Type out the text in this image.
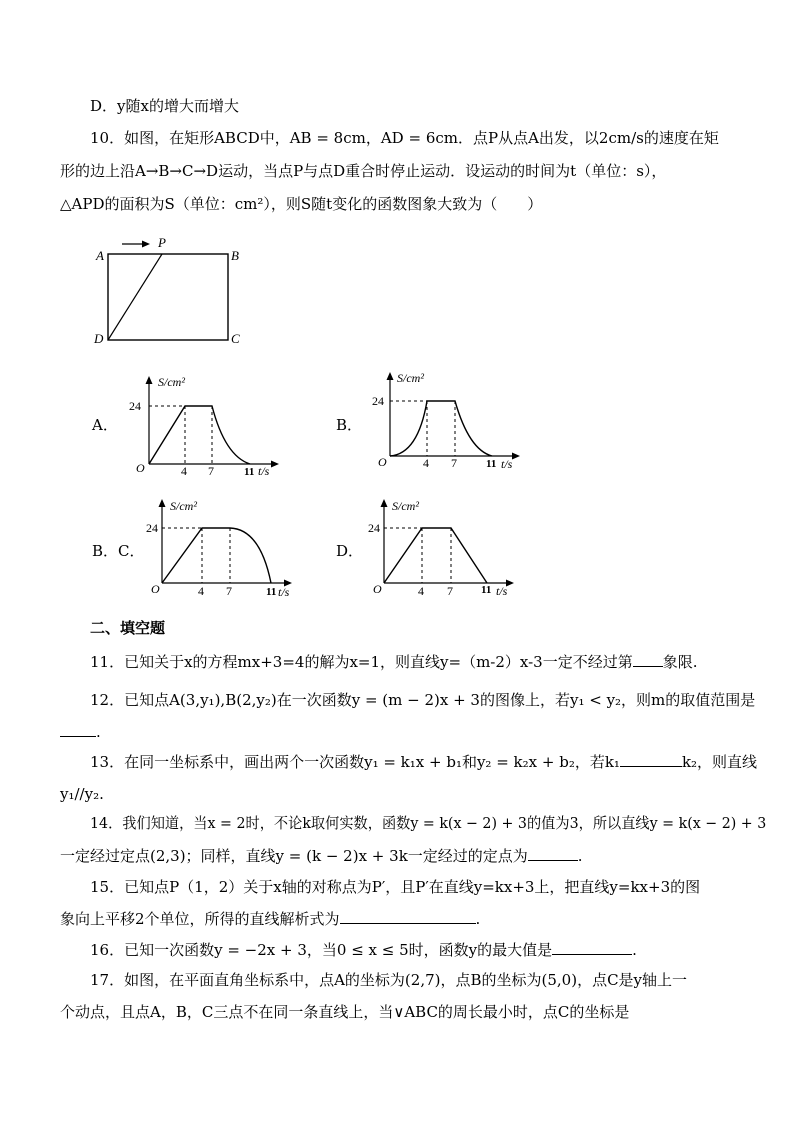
D．y随x的增大而增大
10．如图，在矩形ABCD中，AB = 8cm，AD = 6cm．点P从点A出发，以2cm/s的速度在矩
形的边上沿A→B→C→D运动，当点P与点D重合时停止运动．设运动的时间为t（单位：s），
△APD的面积为S（单位：cm²），则S随t变化的函数图象大致为（　　）
A
P
B
C
D
A．
S/cm²
24
O	4 7	11 t/s
B．
S/cm²
24
O	4 7	11 t/s
B．C．
S/cm²
24
O	4 7	11 t/s
D．
S/cm²
24
O	4 7	11 t/s
二、填空题
11．已知关于x的方程mx+3=4的解为x=1，则直线y=（m-2）x-3一定不经过第 象限.
12．已知点A(3,y₁),B(2,y₂)在一次函数y = (m − 2)x + 3的图像上，若y₁ < y₂，则m的取值范围是
.
13．在同一坐标系中，画出两个一次函数y₁ = k₁x + b₁和y₂ = k₂x + b₂，若k₁	k₂，则直线
y₁//y₂.
14．我们知道，当x = 2时，不论k取何实数，函数y = k(x − 2) + 3的值为3，所以直线y = k(x − 2) + 3
一定经过定点(2,3)；同样，直线y = (k − 2)x + 3k一定经过的定点为	.
15．已知点P（1，2）关于x轴的对称点为P′，且P′在直线y=kx+3上，把直线y=kx+3的图
象向上平移2个单位，所得的直线解析式为	.
16．已知一次函数y = −2x + 3，当0 ≤ x ≤ 5时，函数y的最大值是	.
17．如图，在平面直角坐标系中，点A的坐标为(2,7)，点B的坐标为(5,0)，点C是y轴上一
个动点，且点A，B，C三点不在同一条直线上，当∨ABC的周长最小时，点C的坐标是
